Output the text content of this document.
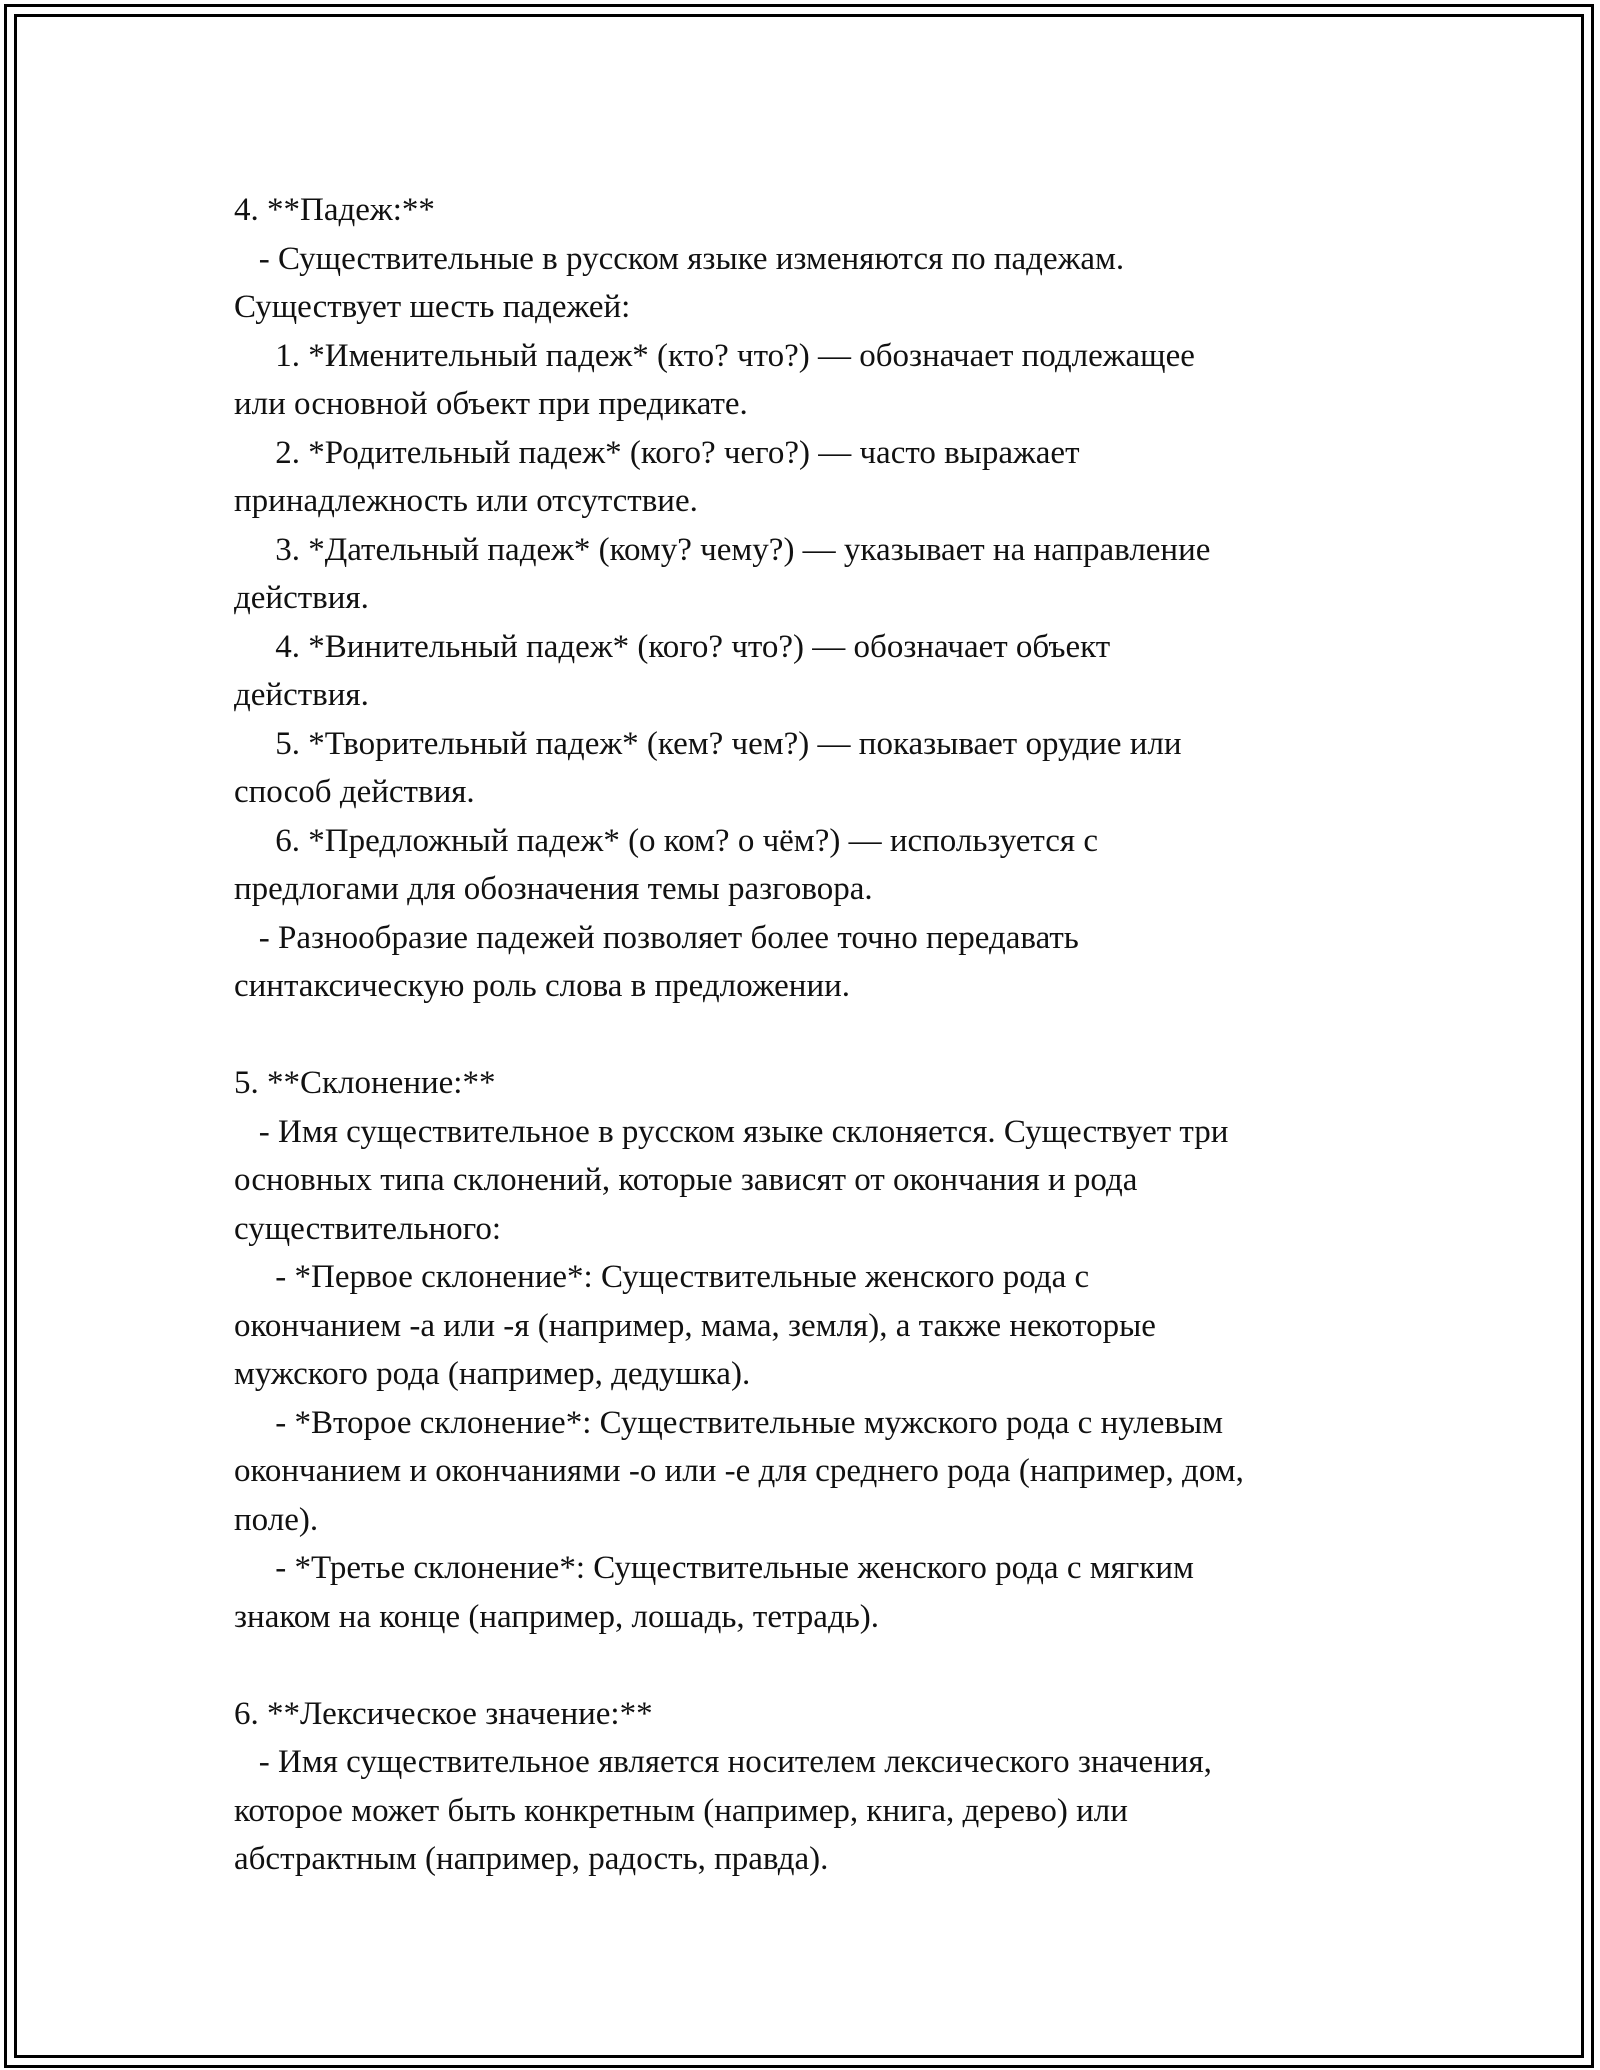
4. **Падеж:**
- Существительные в русском языке изменяются по падежам.
Существует шесть падежей:
1. *Именительный падеж* (кто? что?) — обозначает подлежащее
или основной объект при предикате.
2. *Родительный падеж* (кого? чего?) — часто выражает
принадлежность или отсутствие.
3. *Дательный падеж* (кому? чему?) — указывает на направление
действия.
4. *Винительный падеж* (кого? что?) — обозначает объект
действия.
5. *Творительный падеж* (кем? чем?) — показывает орудие или
способ действия.
6. *Предложный падеж* (о ком? о чём?) — используется с
предлогами для обозначения темы разговора.
- Разнообразие падежей позволяет более точно передавать
синтаксическую роль слова в предложении.
5. **Склонение:**
- Имя существительное в русском языке склоняется. Существует три
основных типа склонений, которые зависят от окончания и рода
существительного:
- *Первое склонение*: Существительные женского рода с
окончанием -а или -я (например, мама, земля), а также некоторые
мужского рода (например, дедушка).
- *Второе склонение*: Существительные мужского рода с нулевым
окончанием и окончаниями -о или -е для среднего рода (например, дом,
поле).
- *Третье склонение*: Существительные женского рода с мягким
знаком на конце (например, лошадь, тетрадь).
6. **Лексическое значение:**
- Имя существительное является носителем лексического значения,
которое может быть конкретным (например, книга, дерево) или
абстрактным (например, радость, правда).
